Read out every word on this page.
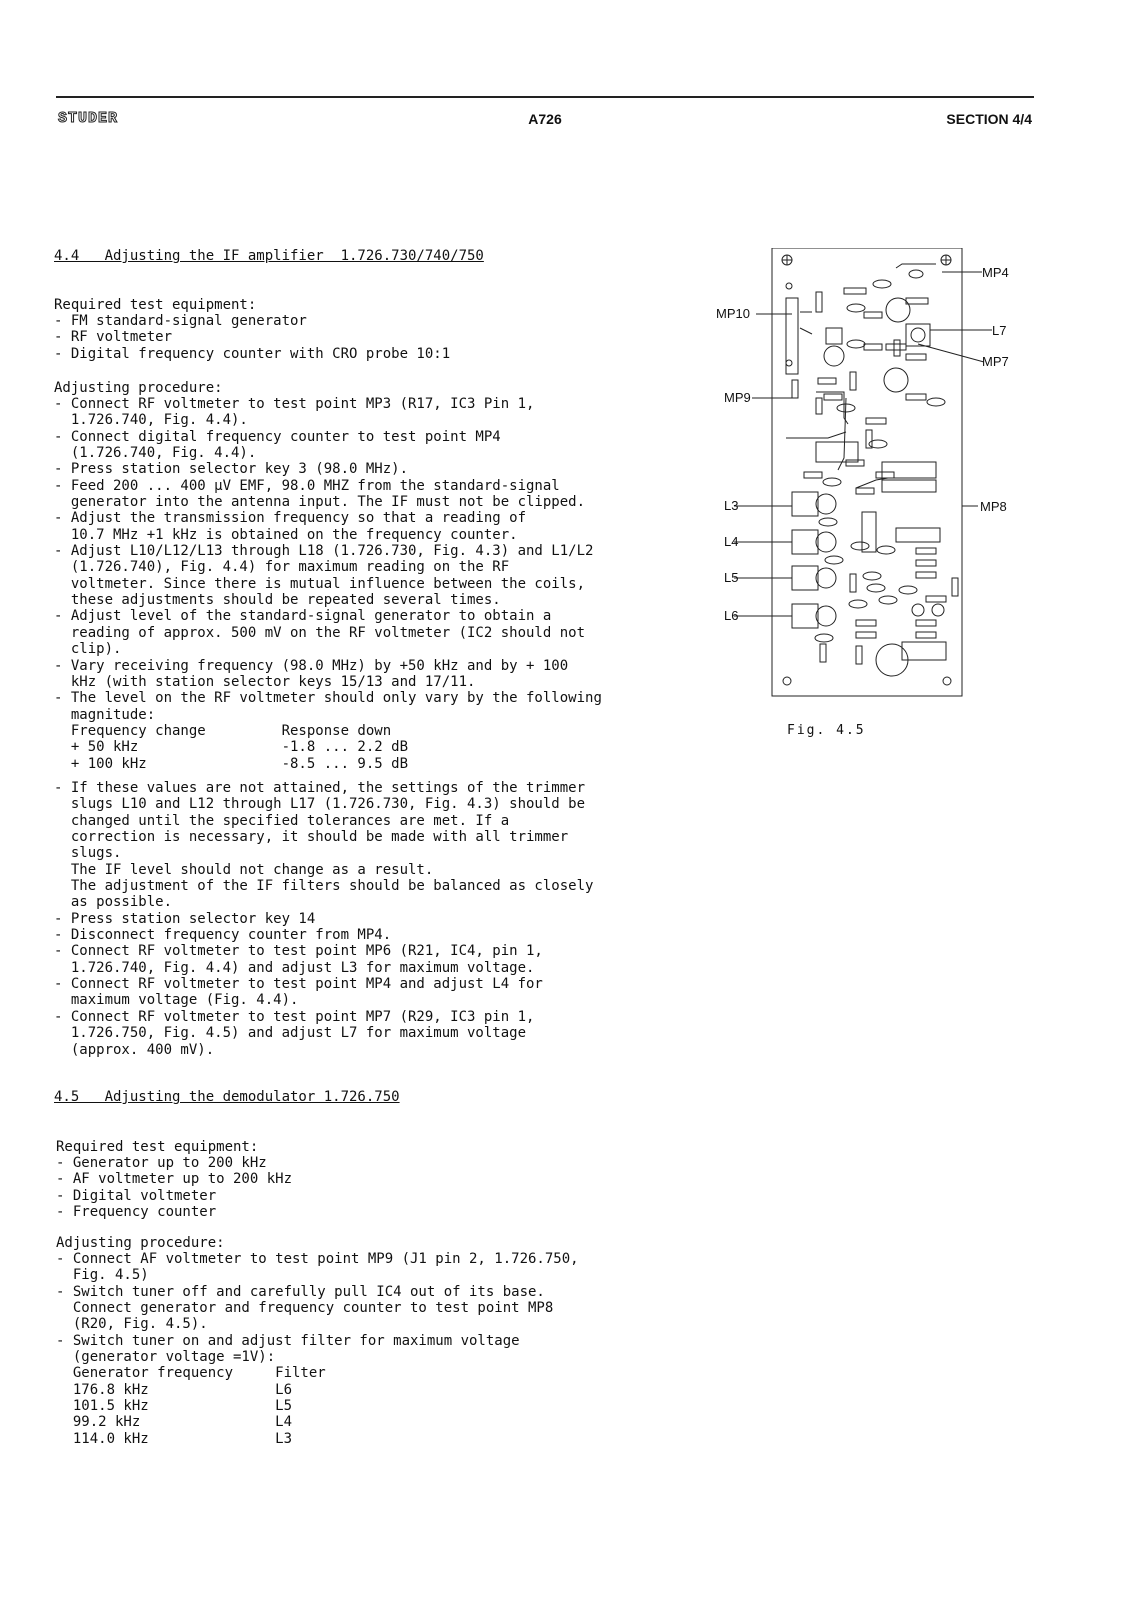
STUDER	A726	SECTION 4/4
4.4   Adjusting the IF amplifier  1.726.730/740/750
Required test equipment:
- FM standard-signal generator
- RF voltmeter
- Digital frequency counter with CRO probe 10:1
Adjusting procedure:
- Connect RF voltmeter to test point MP3 (R17, IC3 Pin 1,
1.726.740, Fig. 4.4).
- Connect digital frequency counter to test point MP4
(1.726.740, Fig. 4.4).
- Press station selector key 3 (98.0 MHz).
- Feed 200 ... 400 µV EMF, 98.0 MHZ from the standard-signal
generator into the antenna input. The IF must not be clipped.
- Adjust the transmission frequency so that a reading of
10.7 MHz +1 kHz is obtained on the frequency counter.
- Adjust L10/L12/L13 through L18 (1.726.730, Fig. 4.3) and L1/L2
(1.726.740), Fig. 4.4) for maximum reading on the RF
voltmeter. Since there is mutual influence between the coils,
these adjustments should be repeated several times.
- Adjust level of the standard-signal generator to obtain a
reading of approx. 500 mV on the RF voltmeter (IC2 should not
clip).
- Vary receiving frequency (98.0 MHz) by +50 kHz and by + 100
kHz (with station selector keys 15/13 and 17/11.
- The level on the RF voltmeter should only vary by the following
magnitude:
Frequency change         Response down
+ 50 kHz                 -1.8 ... 2.2 dB
+ 100 kHz                -8.5 ... 9.5 dB
- If these values are not attained, the settings of the trimmer
slugs L10 and L12 through L17 (1.726.730, Fig. 4.3) should be
changed until the specified tolerances are met. If a
correction is necessary, it should be made with all trimmer
slugs.
The IF level should not change as a result.
The adjustment of the IF filters should be balanced as closely
as possible.
- Press station selector key 14
- Disconnect frequency counter from MP4.
- Connect RF voltmeter to test point MP6 (R21, IC4, pin 1,
1.726.740, Fig. 4.4) and adjust L3 for maximum voltage.
- Connect RF voltmeter to test point MP4 and adjust L4 for
maximum voltage (Fig. 4.4).
- Connect RF voltmeter to test point MP7 (R29, IC3 pin 1,
1.726.750, Fig. 4.5) and adjust L7 for maximum voltage
(approx. 400 mV).
4.5   Adjusting the demodulator 1.726.750
Required test equipment:
- Generator up to 200 kHz
- AF voltmeter up to 200 kHz
- Digital voltmeter
- Frequency counter
Adjusting procedure:
- Connect AF voltmeter to test point MP9 (J1 pin 2, 1.726.750,
Fig. 4.5)
- Switch tuner off and carefully pull IC4 out of its base.
Connect generator and frequency counter to test point MP8
(R20, Fig. 4.5).
- Switch tuner on and adjust filter for maximum voltage
(generator voltage =1V):
Generator frequency     Filter
176.8 kHz               L6
101.5 kHz               L5
99.2 kHz                L4
114.0 kHz               L3
MP4
L7
MP7
MP10
MP9
L3	MP8
L4
L5
L6
Fig. 4.5
